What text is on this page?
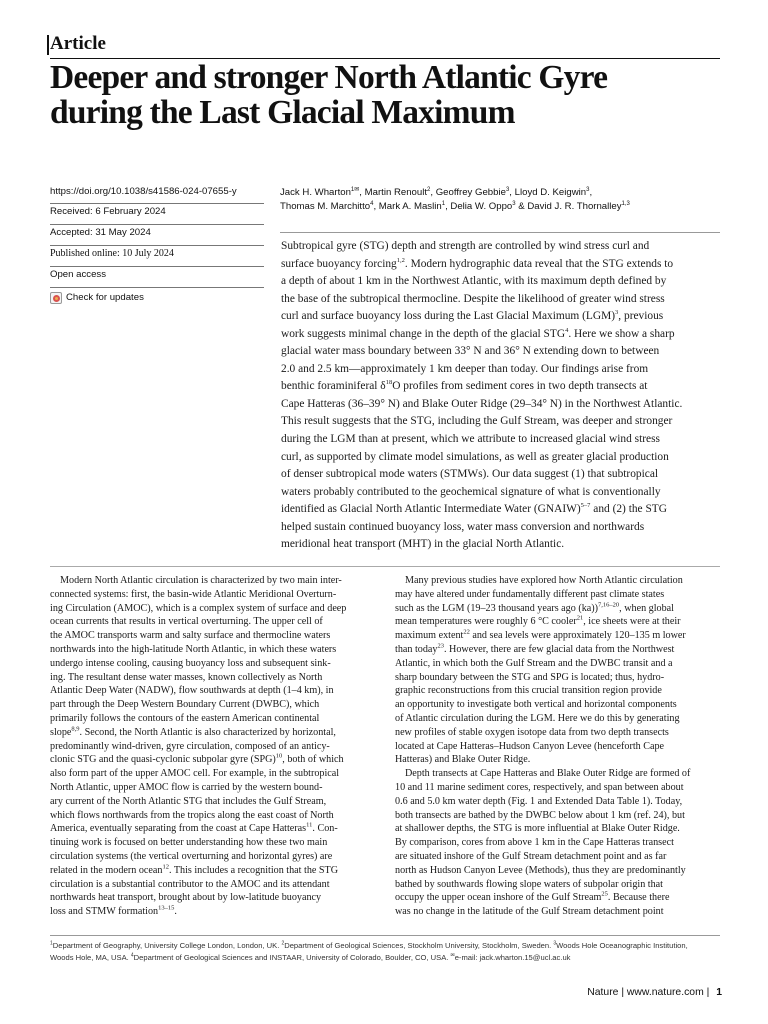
Article
Deeper and stronger North Atlantic Gyre
during the Last Glacial Maximum
https://doi.org/10.1038/s41586-024-07655-y
Received: 6 February 2024
Accepted: 31 May 2024
Published online: 10 July 2024
Open access
Check for updates
Jack H. Wharton$^{1✉}$, Martin Renoult$^2$, Geoffrey Gebbie$^3$, Lloyd D. Keigwin$^3$,
Thomas M. Marchitto$^4$, Mark A. Maslin$^1$, Delia W. Oppo$^3$ & David J. R. Thornalley$^{1,3}$
Subtropical gyre (STG) depth and strength are controlled by wind stress curl and
surface buoyancy forcing$^{1,2}$. Modern hydrographic data reveal that the STG extends to
a depth of about 1 km in the Northwest Atlantic, with its maximum depth defined by
the base of the subtropical thermocline. Despite the likelihood of greater wind stress
curl and surface buoyancy loss during the Last Glacial Maximum (LGM)$^3$, previous
work suggests minimal change in the depth of the glacial STG$^4$. Here we show a sharp
glacial water mass boundary between 33° N and 36° N extending down to between
2.0 and 2.5 km—approximately 1 km deeper than today. Our findings arise from
benthic foraminiferal $\delta^{18}O$ profiles from sediment cores in two depth transects at
Cape Hatteras (36–39° N) and Blake Outer Ridge (29–34° N) in the Northwest Atlantic.
This result suggests that the STG, including the Gulf Stream, was deeper and stronger
during the LGM than at present, which we attribute to increased glacial wind stress
curl, as supported by climate model simulations, as well as greater glacial production
of denser subtropical mode waters (STMWs). Our data suggest (1) that subtropical
waters probably contributed to the geochemical signature of what is conventionally
identified as Glacial North Atlantic Intermediate Water (GNAIW)$^{5-7}$ and (2) the STG
helped sustain continued buoyancy loss, water mass conversion and northwards
meridional heat transport (MHT) in the glacial North Atlantic.
Modern North Atlantic circulation is characterized by two main inter-
connected systems: first, the basin-wide Atlantic Meridional Overturn-
ing Circulation (AMOC), which is a complex system of surface and deep
ocean currents that results in vertical overturning. The upper cell of
the AMOC transports warm and salty surface and thermocline waters
northwards into the high-latitude North Atlantic, in which these waters
undergo intense cooling, causing buoyancy loss and subsequent sink-
ing. The resultant dense water masses, known collectively as North
Atlantic Deep Water (NADW), flow southwards at depth (1–4 km), in
part through the Deep Western Boundary Current (DWBC), which
primarily follows the contours of the eastern American continental
slope$^{8,9}$. Second, the North Atlantic is also characterized by horizontal,
predominantly wind-driven, gyre circulation, composed of an anticy-
clonic STG and the quasi-cyclonic subpolar gyre (SPG)$^{10}$, both of which
also form part of the upper AMOC cell. For example, in the subtropical
North Atlantic, upper AMOC flow is carried by the western bound-
ary current of the North Atlantic STG that includes the Gulf Stream,
which flows northwards from the tropics along the east coast of North
America, eventually separating from the coast at Cape Hatteras$^{11}$. Con-
tinuing work is focused on better understanding how these two main
circulation systems (the vertical overturning and horizontal gyres) are
related in the modern ocean$^{12}$. This includes a recognition that the STG
circulation is a substantial contributor to the AMOC and its attendant
northwards heat transport, brought about by low-latitude buoyancy
loss and STMW formation$^{13-15}$.
Many previous studies have explored how North Atlantic circulation
may have altered under fundamentally different past climate states
such as the LGM (19–23 thousand years ago (ka))$^{7,16-20}$, when global
mean temperatures were roughly 6 °C cooler$^{21}$, ice sheets were at their
maximum extent$^{22}$ and sea levels were approximately 120–135 m lower
than today$^{23}$. However, there are few glacial data from the Northwest
Atlantic, in which both the Gulf Stream and the DWBC transit and a
sharp boundary between the STG and SPG is located; thus, hydro-
graphic reconstructions from this crucial transition region provide
an opportunity to investigate both vertical and horizontal components
of Atlantic circulation during the LGM. Here we do this by generating
new profiles of stable oxygen isotope data from two depth transects
located at Cape Hatteras–Hudson Canyon Levee (henceforth Cape
Hatteras) and Blake Outer Ridge.
Depth transects at Cape Hatteras and Blake Outer Ridge are formed of
10 and 11 marine sediment cores, respectively, and span between about
0.6 and 5.0 km water depth (Fig. 1 and Extended Data Table 1). Today,
both transects are bathed by the DWBC below about 1 km (ref. 24), but
at shallower depths, the STG is more influential at Blake Outer Ridge.
By comparison, cores from above 1 km in the Cape Hatteras transect
are situated inshore of the Gulf Stream detachment point and as far
north as Hudson Canyon Levee (Methods), thus they are predominantly
bathed by southwards flowing slope waters of subpolar origin that
occupy the upper ocean inshore of the Gulf Stream$^{25}$. Because there
was no change in the latitude of the Gulf Stream detachment point
$^1$Department of Geography, University College London, London, UK. $^2$Department of Geological Sciences, Stockholm University, Stockholm, Sweden. $^3$Woods Hole Oceanographic Institution,
Woods Hole, MA, USA. $^4$Department of Geological Sciences and INSTAAR, University of Colorado, Boulder, CO, USA. ✉e-mail: jack.wharton.15@ucl.ac.uk
Nature | www.nature.com | 1
